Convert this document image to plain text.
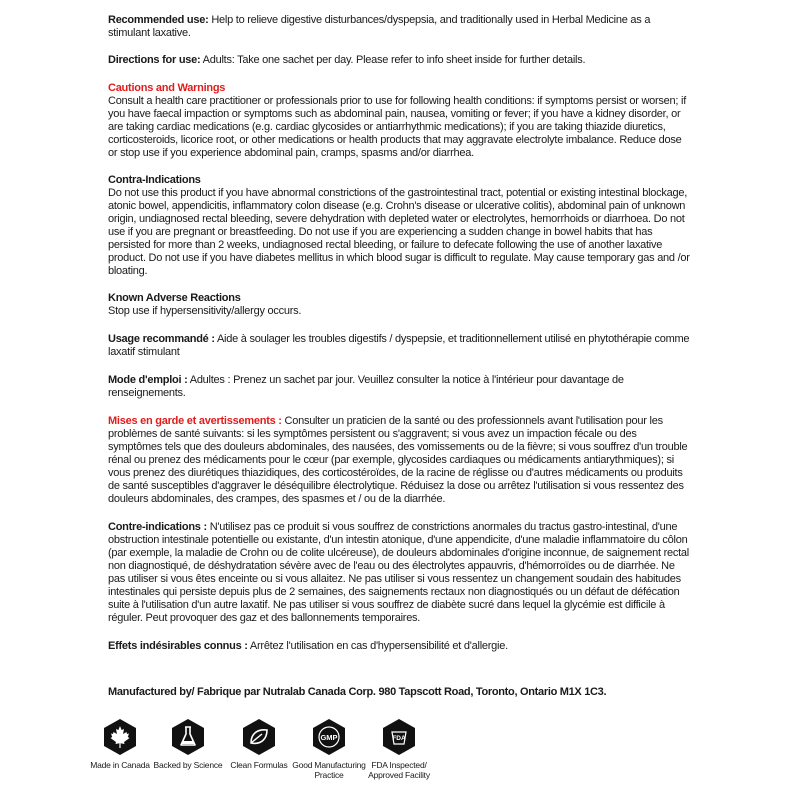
Recommended use: Help to relieve digestive disturbances/dyspepsia, and traditionally used in Herbal Medicine as a stimulant laxative.
Directions for use: Adults: Take one sachet per day. Please refer to info sheet inside for further details.
Cautions and Warnings
Consult a health care practitioner or professionals prior to use for following health conditions: if symptoms persist or worsen; if you have faecal impaction or symptoms such as abdominal pain, nausea, vomiting or fever; if you have a kidney disorder, or are taking cardiac medications (e.g. cardiac glycosides or antiarrhythmic medications); if you are taking thiazide diuretics, corticosteroids, licorice root, or other medications or health products that may aggravate electrolyte imbalance. Reduce dose or stop use if you experience abdominal pain, cramps, spasms and/or diarrhea.
Contra-Indications
Do not use this product if you have abnormal constrictions of the gastrointestinal tract, potential or existing intestinal blockage, atonic bowel, appendicitis, inflammatory colon disease (e.g. Crohn's disease or ulcerative colitis), abdominal pain of unknown origin, undiagnosed rectal bleeding, severe dehydration with depleted water or electrolytes, hemorrhoids or diarrhoea. Do not use if you are pregnant or breastfeeding. Do not use if you are experiencing a sudden change in bowel habits that has persisted for more than 2 weeks, undiagnosed rectal bleeding, or failure to defecate following the use of another laxative product. Do not use if you have diabetes mellitus in which blood sugar is difficult to regulate. May cause temporary gas and /or bloating.
Known Adverse Reactions
Stop use if hypersensitivity/allergy occurs.
Usage recommandé : Aide à soulager les troubles digestifs / dyspepsie, et traditionnellement utilisé en phytothérapie comme laxatif stimulant
Mode d'emploi : Adultes : Prenez un sachet par jour. Veuillez consulter la notice à l'intérieur pour davantage de renseignements.
Mises en garde et avertissements : Consulter un praticien de la santé ou des professionnels avant l'utilisation pour les problèmes de santé suivants: si les symptômes persistent ou s'aggravent; si vous avez un impaction fécale ou des symptômes tels que des douleurs abdominales, des nausées, des vomissements ou de la fièvre; si vous souffrez d'un trouble rénal ou prenez des médicaments pour le cœur (par exemple, glycosides cardiaques ou médicaments antiarythmiques); si vous prenez des diurétiques thiazidiques, des corticostéroïdes, de la racine de réglisse ou d'autres médicaments ou produits de santé susceptibles d'aggraver le déséquilibre électrolytique. Réduisez la dose ou arrêtez l'utilisation si vous ressentez des douleurs abdominales, des crampes, des spasmes et / ou de la diarrhée.
Contre-indications : N'utilisez pas ce produit si vous souffrez de constrictions anormales du tractus gastro-intestinal, d'une obstruction intestinale potentielle ou existante, d'un intestin atonique, d'une appendicite, d'une maladie inflammatoire du côlon (par exemple, la maladie de Crohn ou de colite ulcéreuse), de douleurs abdominales d'origine inconnue, de saignement rectal non diagnostiqué, de déshydratation sévère avec de l'eau ou des électrolytes appauvris, d'hémorroïdes ou de diarrhée. Ne pas utiliser si vous êtes enceinte ou si vous allaitez. Ne pas utiliser si vous ressentez un changement soudain des habitudes intestinales qui persiste depuis plus de 2 semaines, des saignements rectaux non diagnostiqués ou un défaut de défécation suite à l'utilisation d'un autre laxatif. Ne pas utiliser si vous souffrez de diabète sucré dans lequel la glycémie est difficile à réguler. Peut provoquer des gaz et des ballonnements temporaires.
Effets indésirables connus : Arrêtez l'utilisation en cas d'hypersensibilité et d'allergie.
Manufactured by/ Fabrique par Nutralab Canada Corp. 980 Tapscott Road, Toronto, Ontario M1X 1C3.
Made in Canada Backed by Science Clean Formulas
GMP
Good Manufacturing
Practice
FDA
FDA Inspected/
Approved Facility
